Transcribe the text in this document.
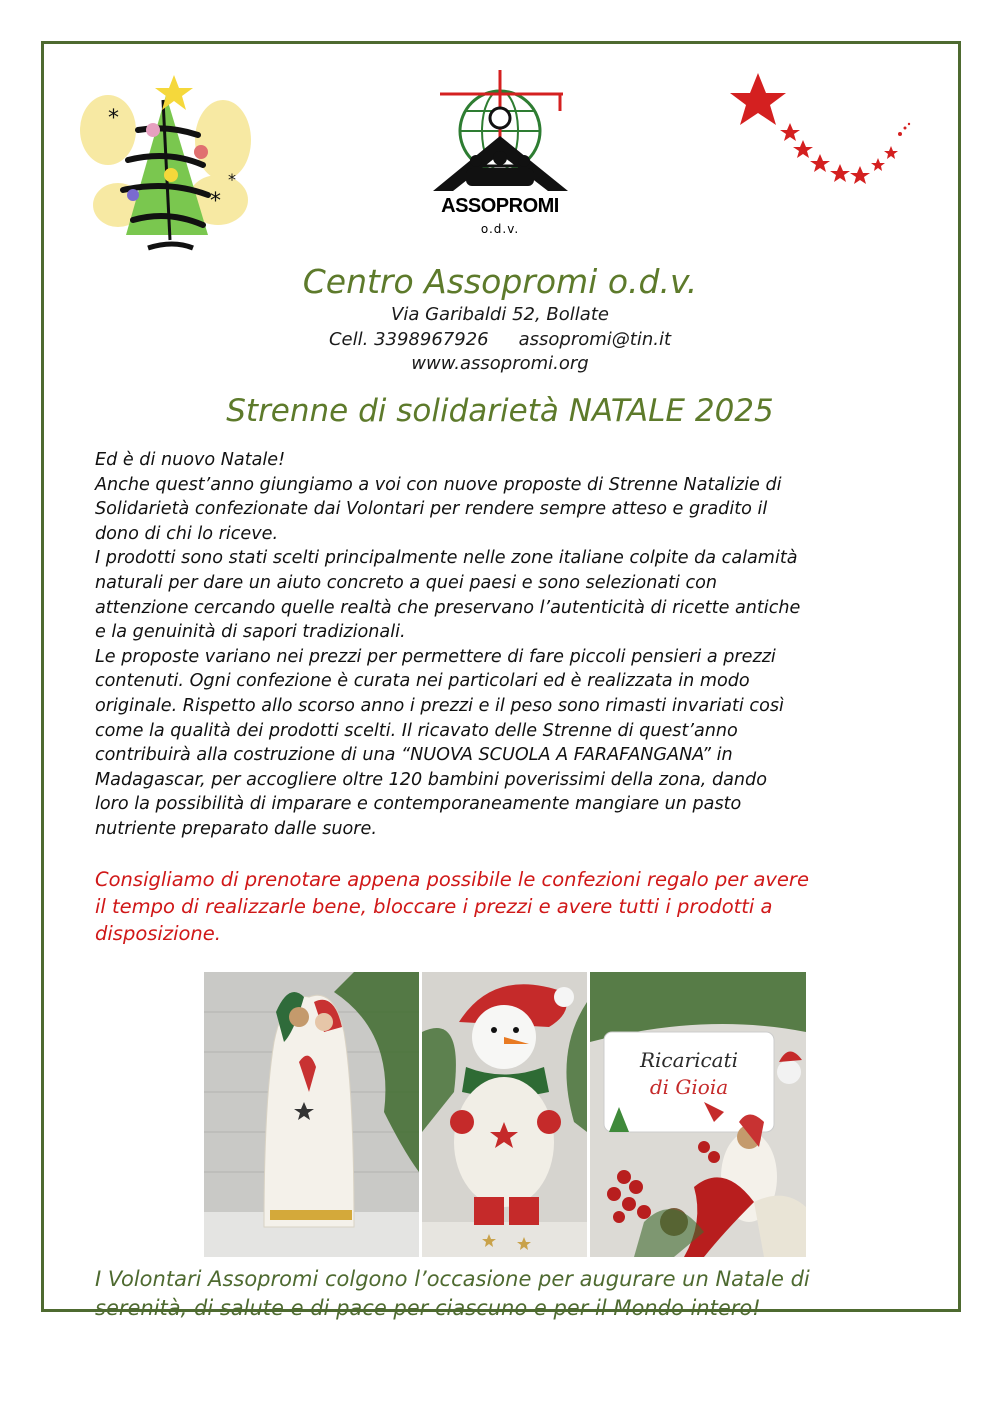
*
*
*
ASSOPROMI
o.d.v.
Centro Assopromi o.d.v.
Via Garibaldi 52, Bollate
Cell. 3398967926 assopromi@tin.it
www.assopromi.org
Strenne di solidarietà NATALE 2025

Ed è di nuovo Natale!

Anche quest’anno giungiamo a voi con nuove proposte di Strenne Natalizie di

Solidarietà confezionate dai Volontari per rendere sempre atteso e gradito il

dono di chi lo riceve.

I prodotti sono stati scelti principalmente nelle zone italiane colpite da calamità

naturali per dare un aiuto concreto a quei paesi e sono selezionati con

attenzione cercando quelle realtà che preservano l’autenticità di ricette antiche

e la genuinità di sapori tradizionali.

Le proposte variano nei prezzi per permettere di fare piccoli pensieri a prezzi

contenuti. Ogni confezione è curata nei particolari ed è realizzata in modo

originale. Rispetto allo scorso anno i prezzi e il peso sono rimasti invariati così

come la qualità dei prodotti scelti. Il ricavato delle Strenne di quest’anno

contribuirà alla costruzione di una “NUOVA SCUOLA A FARAFANGANA” in

Madagascar, per accogliere oltre 120 bambini poverissimi della zona, dando

loro la possibilità di imparare e contemporaneamente mangiare un pasto

nutriente preparato dalle suore.

Consigliamo di prenotare appena possibile le confezioni regalo per avere
il tempo di realizzarle bene, bloccare i prezzi e avere tutti i prodotti a
disposizione.
Ricaricati
di Gioia
I Volontari Assopromi colgono l’occasione per augurare un Natale di
serenità, di salute e di pace per ciascuno e per il Mondo intero!
